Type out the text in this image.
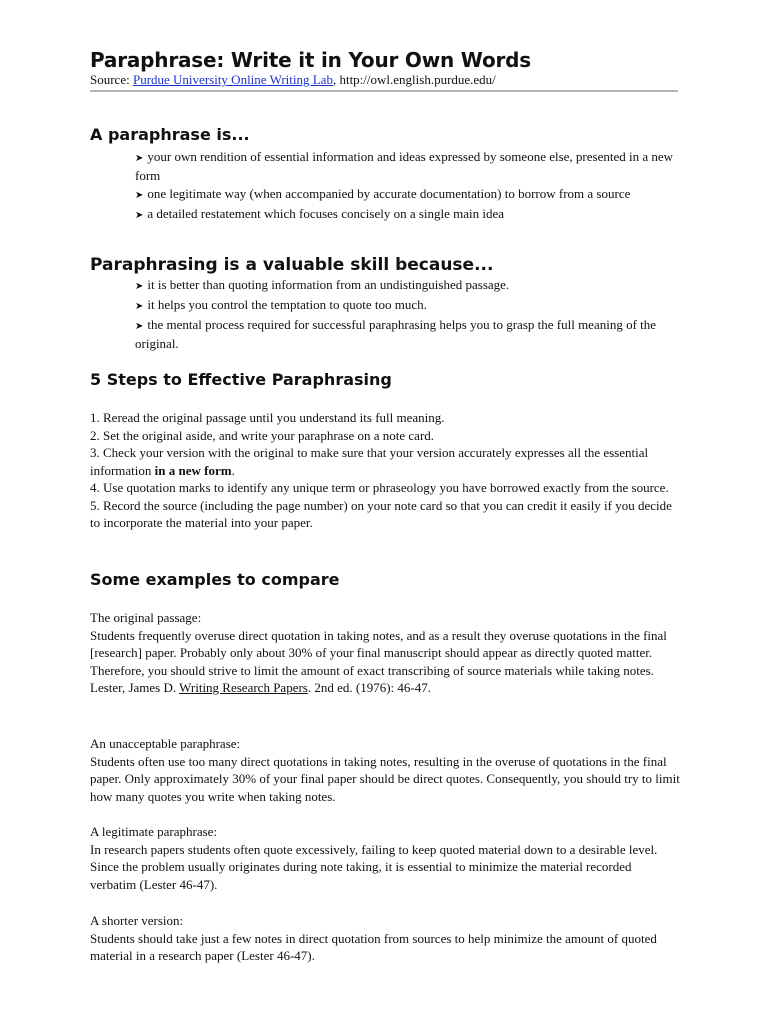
Paraphrase: Write it in Your Own Words
Source: Purdue University Online Writing Lab, http://owl.english.purdue.edu/
A paraphrase is...
➤ your own rendition of essential information and ideas expressed by someone else, presented in a new form
➤ one legitimate way (when accompanied by accurate documentation) to borrow from a source
➤ a detailed restatement which focuses concisely on a single main idea
Paraphrasing is a valuable skill because...
➤ it is better than quoting information from an undistinguished passage.
➤ it helps you control the temptation to quote too much.
➤ the mental process required for successful paraphrasing helps you to grasp the full meaning of the original.
5 Steps to Effective Paraphrasing

1. Reread the original passage until you understand its full meaning.

2. Set the original aside, and write your paraphrase on a note card.

3. Check your version with the original to make sure that your version accurately expresses all the essential information in a new form.

4. Use quotation marks to identify any unique term or phraseology you have borrowed exactly from the source.

5. Record the source (including the page number) on your note card so that you can credit it easily if you decide to incorporate the material into your paper.

Some examples to compare

The original passage:

Students frequently overuse direct quotation in taking notes, and as a result they overuse quotations in the final [research] paper. Probably only about 30% of your final manuscript should appear as directly quoted matter. Therefore, you should strive to limit the amount of exact transcribing of source materials while taking notes. Lester, James D. Writing Research Papers. 2nd ed. (1976): 46-47.

An unacceptable paraphrase:

Students often use too many direct quotations in taking notes, resulting in the overuse of quotations in the final paper. Only approximately 30% of your final paper should be direct quotes. Consequently, you should try to limit how many quotes you write when taking notes.

A legitimate paraphrase:

In research papers students often quote excessively, failing to keep quoted material down to a desirable level. Since the problem usually originates during note taking, it is essential to minimize the material recorded verbatim (Lester 46-47).

A shorter version:

Students should take just a few notes in direct quotation from sources to help minimize the amount of quoted material in a research paper (Lester 46-47).
